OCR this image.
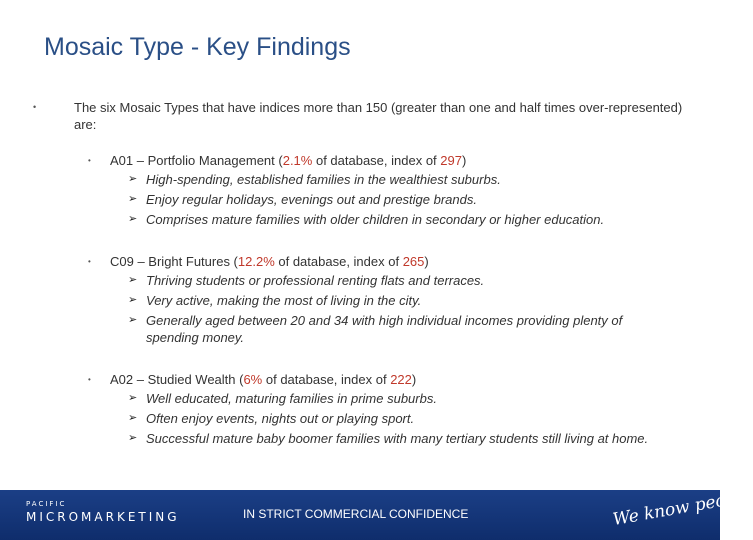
Mosaic Type - Key Findings
•	The six Mosaic Types that have indices more than 150 (greater than one and half times over-represented) are:
• A01 – Portfolio Management (2.1% of database, index of 297)
➢ High-spending, established families in the wealthiest suburbs.
➢ Enjoy regular holidays, evenings out and prestige brands.
➢ Comprises mature families with older children in secondary or higher education.
• C09 – Bright Futures (12.2% of database, index of 265)
➢ Thriving students or professional renting flats and terraces.
➢ Very active, making the most of living in the city.
➢ Generally aged between 20 and 34 with high individual incomes providing plenty of spending money.
• A02 – Studied Wealth (6% of database, index of 222)
➢ Well educated, maturing families in prime suburbs.
➢ Often enjoy events, nights out or playing sport.
➢ Successful mature baby boomer families with many tertiary students still living at home.
PACIFIC
MICROMARKETING	IN STRICT COMMERCIAL CONFIDENCE	We know people
